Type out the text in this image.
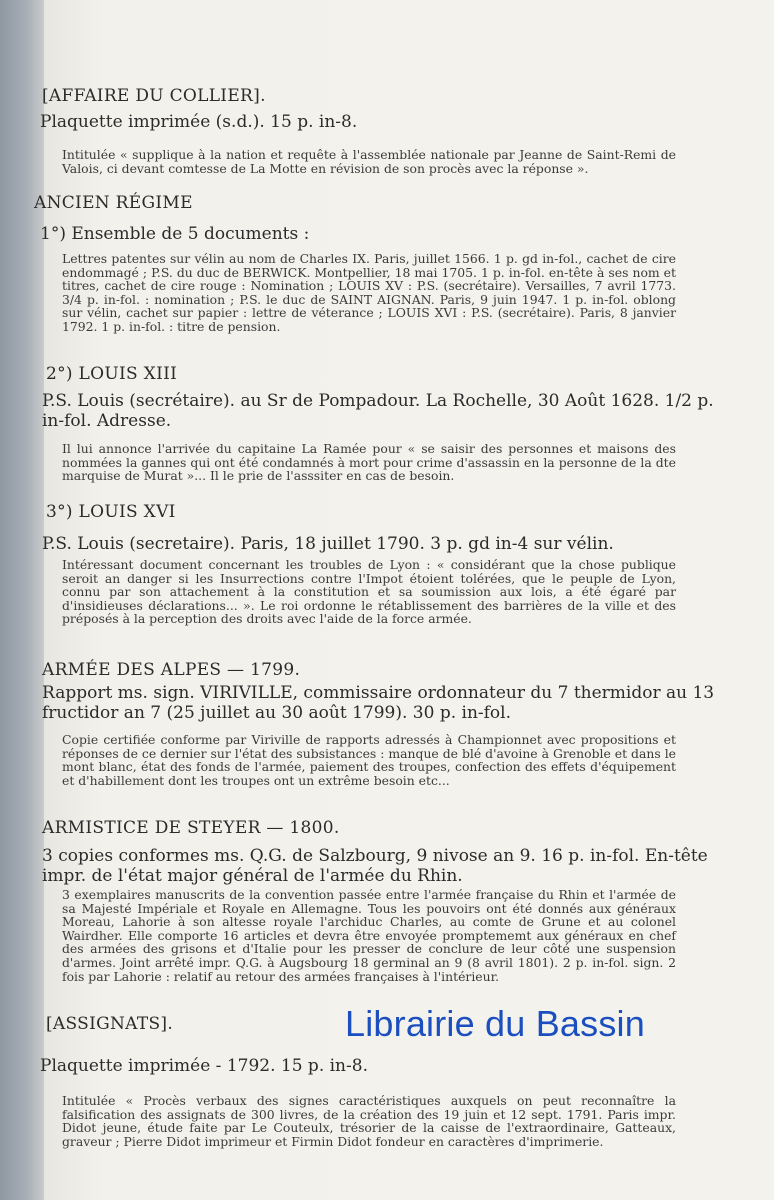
[AFFAIRE DU COLLIER].
Plaquette imprimée (s.d.). 15 p. in-8.
Intitulée « supplique à la nation et requête à l'assemblée nationale par Jeanne de Saint-Remi de Valois, ci devant comtesse de La Motte en révision de son procès avec la réponse ».
ANCIEN RÉGIME
1°) Ensemble de 5 documents :
Lettres patentes sur vélin au nom de Charles IX. Paris, juillet 1566. 1 p. gd in-fol., cachet de cire endommagé ; P.S. du duc de BERWICK. Montpellier, 18 mai 1705. 1 p. in-fol. en-tête à ses nom et titres, cachet de cire rouge : Nomination ; LOUIS XV : P.S. (secrétaire). Versailles, 7 avril 1773. 3/4 p. in-fol. : nomination ; P.S. le duc de SAINT AIGNAN. Paris, 9 juin 1947. 1 p. in-fol. oblong sur vélin, cachet sur papier : lettre de véterance ; LOUIS XVI : P.S. (secrétaire). Paris, 8 janvier 1792. 1 p. in-fol. : titre de pension.
2°) LOUIS XIII
P.S. Louis (secrétaire). au Sr de Pompadour. La Rochelle, 30 Août 1628. 1/2 p. in-fol. Adresse.
Il lui annonce l'arrivée du capitaine La Ramée pour « se saisir des personnes et maisons des nommées la gannes qui ont été condamnés à mort pour crime d'assassin en la personne de la dte marquise de Murat »... Il le prie de l'asssiter en cas de besoin.
3°) LOUIS XVI
P.S. Louis (secretaire). Paris, 18 juillet 1790. 3 p. gd in-4 sur vélin.
Intéressant document concernant les troubles de Lyon : « considérant que la chose publique seroit an danger si les Insurrections contre l'Impot étoient tolérées, que le peuple de Lyon, connu par son attachement à la constitution et sa soumission aux lois, a été égaré par d'insidieuses déclarations... ». Le roi ordonne le rétablissement des barrières de la ville et des préposés à la perception des droits avec l'aide de la force armée.
ARMÉE DES ALPES — 1799.
Rapport ms. sign. VIRIVILLE, commissaire ordonnateur du 7 thermidor au 13 fructidor an 7 (25 juillet au 30 août 1799). 30 p. in-fol.
Copie certifiée conforme par Viriville de rapports adressés à Championnet avec propositions et réponses de ce dernier sur l'état des subsistances : manque de blé d'avoine à Grenoble et dans le mont blanc, état des fonds de l'armée, paiement des troupes, confection des effets d'équipement et d'habillement dont les troupes ont un extrême besoin etc...
ARMISTICE DE STEYER — 1800.
3 copies conformes ms. Q.G. de Salzbourg, 9 nivose an 9. 16 p. in-fol. En-tête impr. de l'état major général de l'armée du Rhin.
3 exemplaires manuscrits de la convention passée entre l'armée française du Rhin et l'armée de sa Majesté Impériale et Royale en Allemagne. Tous les pouvoirs ont été donnés aux généraux Moreau, Lahorie à son altesse royale l'archiduc Charles, au comte de Grune et au colonel Wairdher. Elle comporte 16 articles et devra être envoyée promptememt aux généraux en chef des armées des grisons et d'Italie pour les presser de conclure de leur côté une suspension d'armes. Joint arrêté impr. Q.G. à Augsbourg 18 germinal an 9 (8 avril 1801). 2 p. in-fol. sign. 2 fois par Lahorie : relatif au retour des armées françaises à l'intérieur.
[ASSIGNATS].
Plaquette imprimée - 1792. 15 p. in-8.
Intitulée « Procès verbaux des signes caractéristiques auxquels on peut reconnaître la falsification des assignats de 300 livres, de la création des 19 juin et 12 sept. 1791. Paris impr. Didot jeune, étude faite par Le Couteulx, trésorier de la caisse de l'extraordinaire, Gatteaux, graveur ; Pierre Didot imprimeur et Firmin Didot fondeur en caractères d'imprimerie.
Librairie du Bassin
